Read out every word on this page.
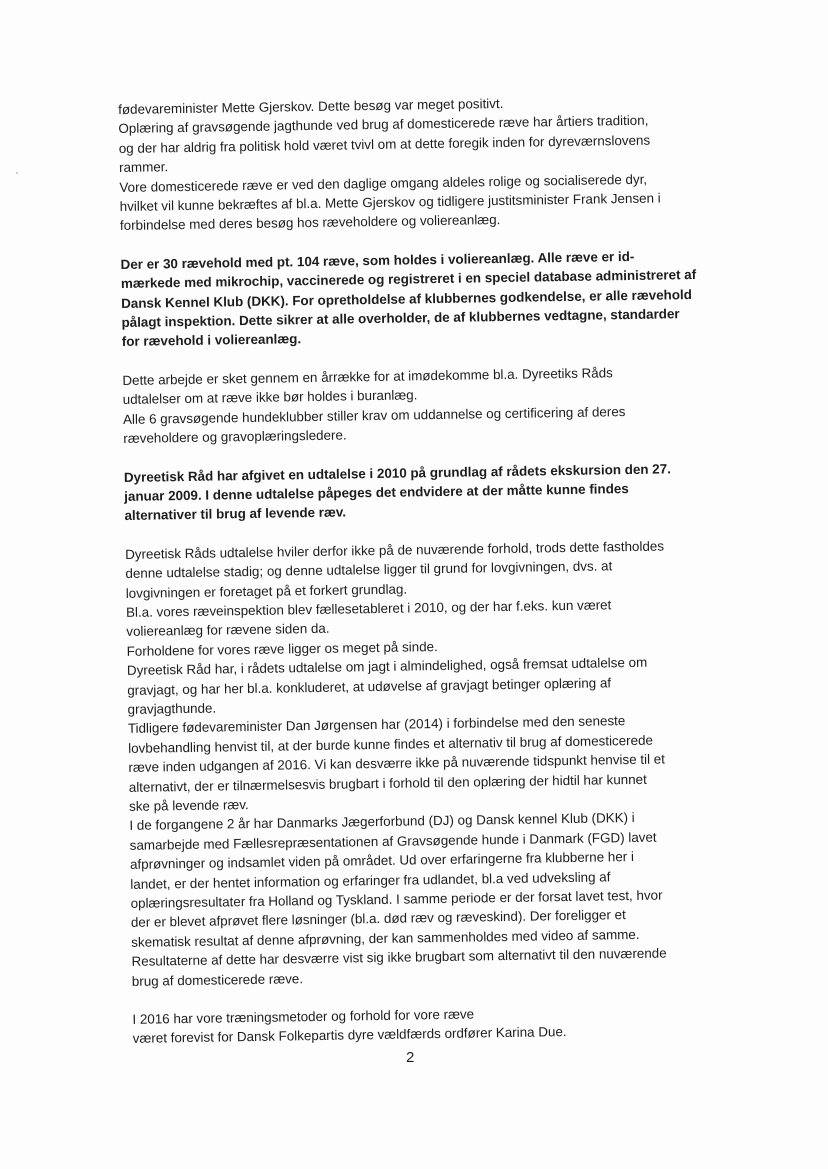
fødevareminister Mette Gjerskov. Dette besøg var meget positivt.
Oplæring af gravsøgende jagthunde ved brug af domesticerede ræve har årtiers tradition,
og der har aldrig fra politisk hold været tvivl om at dette foregik inden for dyreværnslovens
rammer.
Vore domesticerede ræve er ved den daglige omgang aldeles rolige og socialiserede dyr,
hvilket vil kunne bekræftes af bl.a. Mette Gjerskov og tidligere justitsminister Frank Jensen i
forbindelse med deres besøg hos ræveholdere og voliereanlæg.
Der er 30 rævehold med pt. 104 ræve, som holdes i voliereanlæg. Alle ræve er id-
mærkede med mikrochip, vaccinerede og registreret i en speciel database administreret af
Dansk Kennel Klub (DKK). For opretholdelse af klubbernes godkendelse, er alle rævehold
pålagt inspektion. Dette sikrer at alle overholder, de af klubbernes vedtagne, standarder
for rævehold i voliereanlæg.
Dette arbejde er sket gennem en årrække for at imødekomme bl.a. Dyreetiks Råds
udtalelser om at ræve ikke bør holdes i buranlæg.
Alle 6 gravsøgende hundeklubber stiller krav om uddannelse og certificering af deres
ræveholdere og gravoplæringsledere.
Dyreetisk Råd har afgivet en udtalelse i 2010 på grundlag af rådets ekskursion den 27.
januar 2009. I denne udtalelse påpeges det endvidere at der måtte kunne findes
alternativer til brug af levende ræv.
Dyreetisk Råds udtalelse hviler derfor ikke på de nuværende forhold, trods dette fastholdes
denne udtalelse stadig; og denne udtalelse ligger til grund for lovgivningen, dvs. at
lovgivningen er foretaget på et forkert grundlag.
Bl.a. vores ræveinspektion blev fællesetableret i 2010, og der har f.eks. kun været
voliereanlæg for rævene siden da.
Forholdene for vores ræve ligger os meget på sinde.
Dyreetisk Råd har, i rådets udtalelse om jagt i almindelighed, også fremsat udtalelse om
gravjagt, og har her bl.a. konkluderet, at udøvelse af gravjagt betinger oplæring af
gravjagthunde.
Tidligere fødevareminister Dan Jørgensen har (2014) i forbindelse med den seneste
lovbehandling henvist til, at der burde kunne findes et alternativ til brug af domesticerede
ræve inden udgangen af 2016. Vi kan desværre ikke på nuværende tidspunkt henvise til et
alternativt, der er tilnærmelsesvis brugbart i forhold til den oplæring der hidtil har kunnet
ske på levende ræv.
I de forgangene 2 år har Danmarks Jægerforbund (DJ) og Dansk kennel Klub (DKK) i
samarbejde med Fællesrepræsentationen af Gravsøgende hunde i Danmark (FGD) lavet
afprøvninger og indsamlet viden på området. Ud over erfaringerne fra klubberne her i
landet, er der hentet information og erfaringer fra udlandet, bl.a ved udveksling af
oplæringsresultater fra Holland og Tyskland. I samme periode er der forsat lavet test, hvor
der er blevet afprøvet flere løsninger (bl.a. død ræv og ræveskind). Der foreligger et
skematisk resultat af denne afprøvning, der kan sammenholdes med video af samme.
Resultaterne af dette har desværre vist sig ikke brugbart som alternativt til den nuværende
brug af domesticerede ræve.
I 2016 har vore træningsmetoder og forhold for vore ræve
været forevist for Dansk Folkepartis dyre vældfærds ordfører Karina Due.
2
